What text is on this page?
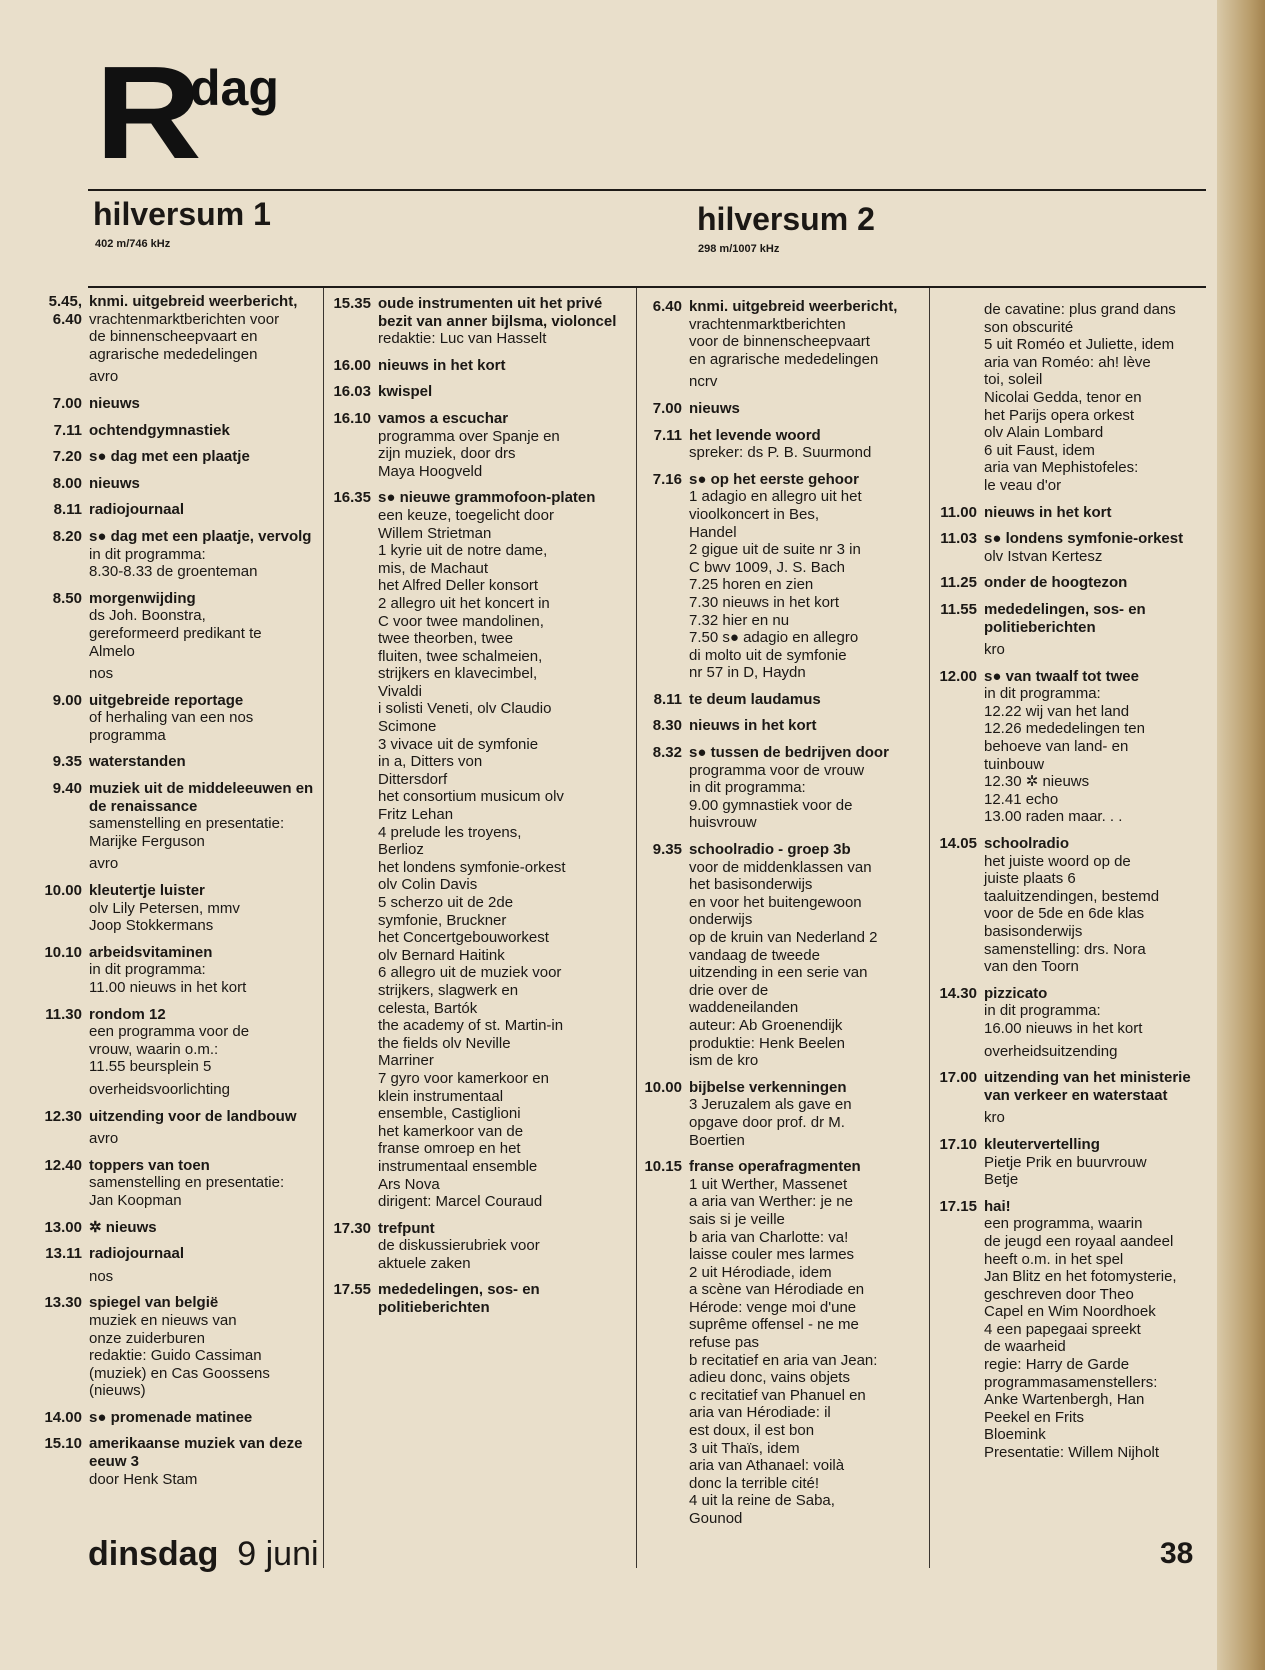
R
dag
hilversum 1
402 m/746 kHz
hilversum 2
298 m/1007 kHz
5.45, 6.40
knmi. uitgebreid weerbericht,
vrachtenmarktberichten voor
de binnenscheepvaart en
agrarische mededelingen
avro
7.00 nieuws
7.11 ochtendgymnastiek
7.20 s● dag met een plaatje
8.00 nieuws
8.11 radiojournaal
8.20 s● dag met een plaatje, vervolg
in dit programma:
8.30-8.33 de groenteman
8.50 morgenwijding
ds Joh. Boonstra,
gereformeerd predikant te
Almelo
nos
9.00 uitgebreide reportage
of herhaling van een nos
programma
9.35 waterstanden
9.40 muziek uit de middeleeuwen en de renaissance
samenstelling en presentatie:
Marijke Ferguson
avro
10.00 kleutertje luister
olv Lily Petersen, mmv
Joop Stokkermans
10.10 arbeidsvitaminen
in dit programma:
11.00 nieuws in het kort
11.30 rondom 12
een programma voor de
vrouw, waarin o.m.:
11.55 beursplein 5
overheidsvoorlichting
12.30 uitzending voor de landbouw
avro
12.40 toppers van toen
samenstelling en presentatie:
Jan Koopman
13.00 ✲ nieuws
13.11 radiojournaal
nos
13.30 spiegel van belgië
muziek en nieuws van
onze zuiderburen
redaktie: Guido Cassiman
(muziek) en Cas Goossens
(nieuws)
14.00 s● promenade matinee
15.10 amerikaanse muziek van deze eeuw 3
door Henk Stam
15.35 oude instrumenten uit het privé bezit van anner bijlsma, violoncel
redaktie: Luc van Hasselt
16.00 nieuws in het kort
16.03 kwispel
16.10 vamos a escuchar
programma over Spanje en
zijn muziek, door drs
Maya Hoogveld
16.35 s● nieuwe grammofoon-platen
een keuze, toegelicht door
Willem Strietman
1 kyrie uit de notre dame,
mis, de Machaut
het Alfred Deller konsort
2 allegro uit het koncert in
C voor twee mandolinen,
twee theorben, twee
fluiten, twee schalmeien,
strijkers en klavecimbel,
Vivaldi
i solisti Veneti, olv Claudio
Scimone
3 vivace uit de symfonie
in a, Ditters von
Dittersdorf
het consortium musicum olv
Fritz Lehan
4 prelude les troyens,
Berlioz
het londens symfonie-orkest
olv Colin Davis
5 scherzo uit de 2de
symfonie, Bruckner
het Concertgebouworkest
olv Bernard Haitink
6 allegro uit de muziek voor
strijkers, slagwerk en
celesta, Bartók
the academy of st. Martin-in
the fields olv Neville
Marriner
7 gyro voor kamerkoor en
klein instrumentaal
ensemble, Castiglioni
het kamerkoor van de
franse omroep en het
instrumentaal ensemble
Ars Nova
dirigent: Marcel Couraud
17.30 trefpunt
de diskussierubriek voor
aktuele zaken
17.55 mededelingen, sos- en politieberichten
6.40 knmi. uitgebreid weerbericht,
vrachtenmarktberichten
voor de binnenscheepvaart
en agrarische mededelingen
ncrv
7.00 nieuws
7.11 het levende woord
spreker: ds P. B. Suurmond
7.16 s● op het eerste gehoor
1 adagio en allegro uit het
vioolkoncert in Bes,
Handel
2 gigue uit de suite nr 3 in
C bwv 1009, J. S. Bach
7.25 horen en zien
7.30 nieuws in het kort
7.32 hier en nu
7.50 s● adagio en allegro
di molto uit de symfonie
nr 57 in D, Haydn
8.11 te deum laudamus
8.30 nieuws in het kort
8.32 s● tussen de bedrijven door
programma voor de vrouw
in dit programma:
9.00 gymnastiek voor de
huisvrouw
9.35 schoolradio - groep 3b
voor de middenklassen van
het basisonderwijs
en voor het buitengewoon
onderwijs
op de kruin van Nederland 2
vandaag de tweede
uitzending in een serie van
drie over de
waddeneilanden
auteur: Ab Groenendijk
produktie: Henk Beelen
ism de kro
10.00 bijbelse verkenningen
3 Jeruzalem als gave en
opgave door prof. dr M.
Boertien
10.15 franse operafragmenten
1 uit Werther, Massenet
a aria van Werther: je ne
sais si je veille
b aria van Charlotte: va!
laisse couler mes larmes
2 uit Hérodiade, idem
a scène van Hérodiade en
Hérode: venge moi d'une
suprême offensel - ne me
refuse pas
b recitatief en aria van Jean:
adieu donc, vains objets
c recitatief van Phanuel en
aria van Hérodiade: il
est doux, il est bon
3 uit Thaïs, idem
aria van Athanael: voilà
donc la terrible cité!
4 uit la reine de Saba,
Gounod
de cavatine: plus grand dans
son obscurité
5 uit Roméo et Juliette, idem
aria van Roméo: ah! lève
toi, soleil
Nicolai Gedda, tenor en
het Parijs opera orkest
olv Alain Lombard
6 uit Faust, idem
aria van Mephistofeles:
le veau d'or
11.00 nieuws in het kort
11.03 s● londens symfonie-orkest
olv Istvan Kertesz
11.25 onder de hoogtezon
11.55 mededelingen, sos- en politieberichten
kro
12.00 s● van twaalf tot twee
in dit programma:
12.22 wij van het land
12.26 mededelingen ten
behoeve van land- en
tuinbouw
12.30 ✲ nieuws
12.41 echo
13.00 raden maar. . .
14.05 schoolradio
het juiste woord op de
juiste plaats 6
taaluitzendingen, bestemd
voor de 5de en 6de klas
basisonderwijs
samenstelling: drs. Nora
van den Toorn
14.30 pizzicato
in dit programma:
16.00 nieuws in het kort
overheidsuitzending
17.00 uitzending van het ministerie van verkeer en waterstaat
kro
17.10 kleutervertelling
Pietje Prik en buurvrouw
Betje
17.15 hai!
een programma, waarin
de jeugd een royaal aandeel
heeft o.m. in het spel
Jan Blitz en het fotomysterie,
geschreven door Theo
Capel en Wim Noordhoek
4 een papegaai spreekt
de waarheid
regie: Harry de Garde
programmasamenstellers:
Anke Wartenbergh, Han
Peekel en Frits
Bloemink
Presentatie: Willem Nijholt
dinsdag 9 juni	38
